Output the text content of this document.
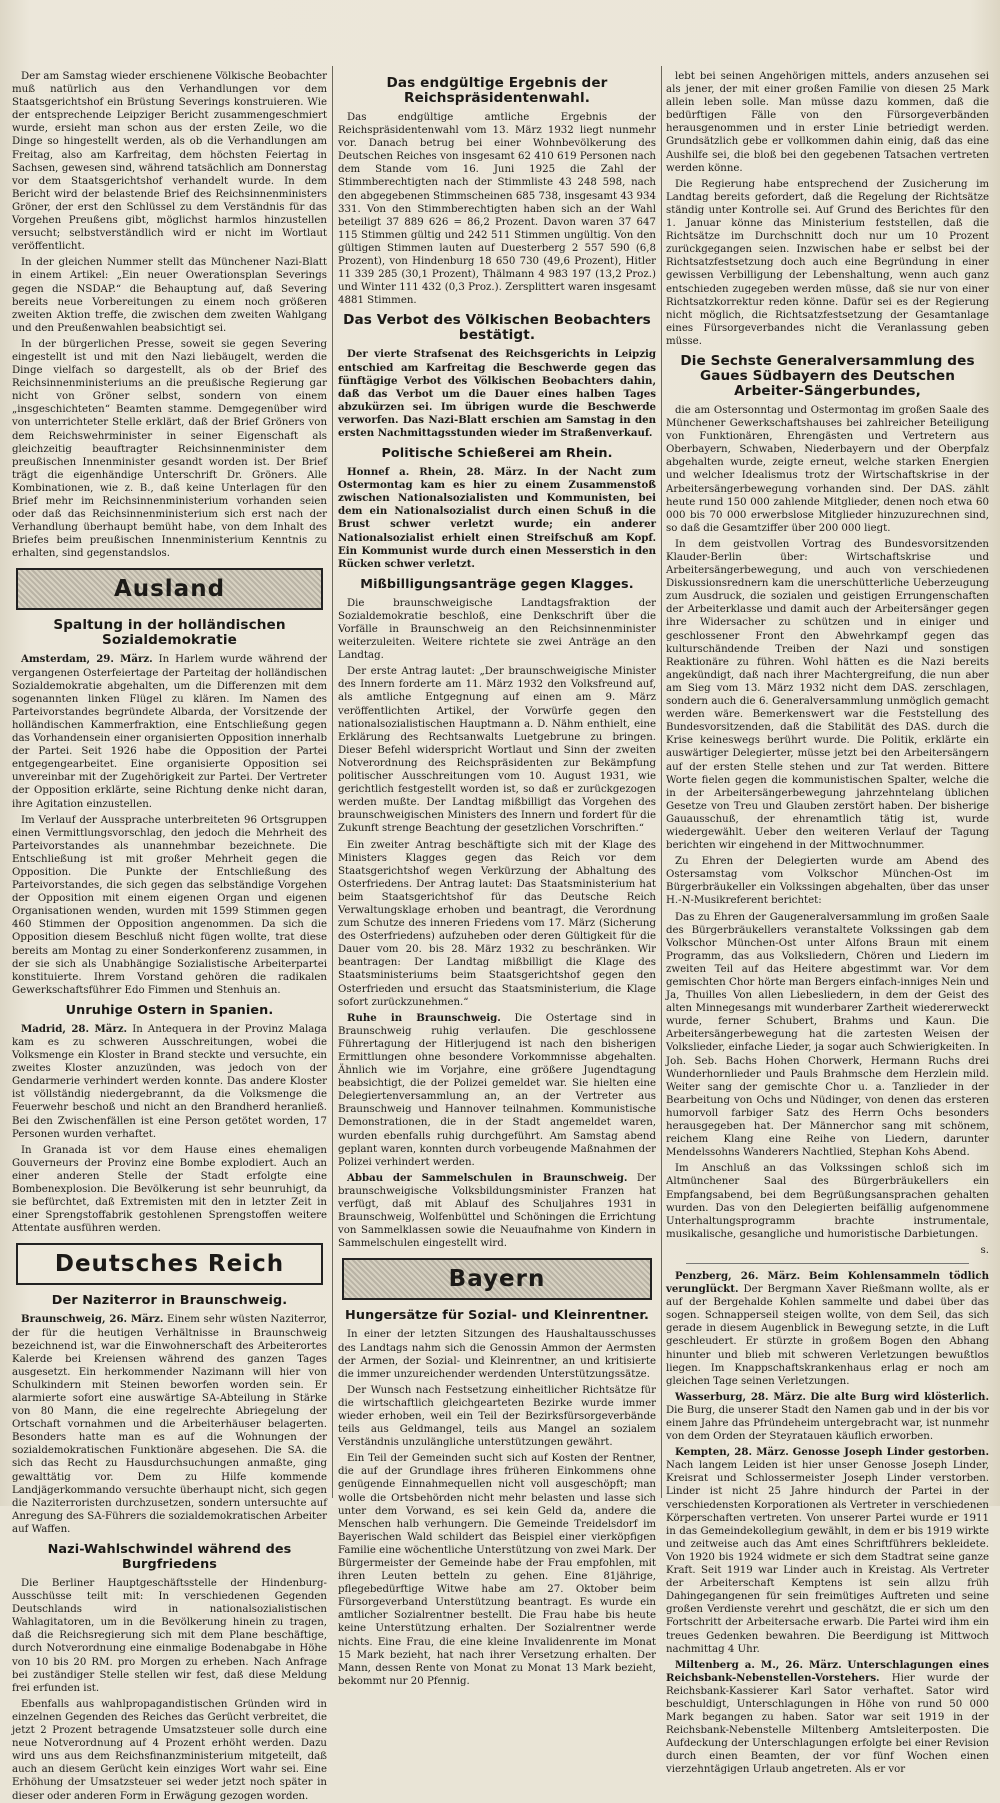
Der am Samstag wieder erschienene Völkische Beobachter muß natürlich aus den Verhandlungen vor dem Staatsgerichtshof ein Brüstung Severings konstruieren. Wie der entsprechende Leipziger Bericht zusammengeschmiert wurde, ersieht man schon aus der ersten Zeile, wo die Dinge so hingestellt werden, als ob die Verhandlungen am Freitag, also am Karfreitag, dem höchsten Feiertag in Sachsen, gewesen sind, während tatsächlich am Donnerstag vor dem Staatsgerichtshof verhandelt wurde. In dem Bericht wird der belastende Brief des Reichsinnenministers Gröner, der erst den Schlüssel zu dem Verständnis für das Vorgehen Preußens gibt, möglichst harmlos hinzustellen versucht; selbstverständlich wird er nicht im Wortlaut veröffentlicht.

In der gleichen Nummer stellt das Münchener Nazi-Blatt in einem Artikel: „Ein neuer Owerationsplan Severings gegen die NSDAP.“ die Behauptung auf, daß Severing bereits neue Vorbereitungen zu einem noch größeren zweiten Aktion treffe, die zwischen dem zweiten Wahlgang und den Preußenwahlen beabsichtigt sei.

In der bürgerlichen Presse, soweit sie gegen Severing eingestellt ist und mit den Nazi liebäugelt, werden die Dinge vielfach so dargestellt, als ob der Brief des Reichsinnenministeriums an die preußische Regierung gar nicht von Gröner selbst, sondern von einem „insgeschichteten“ Beamten stamme. Demgegenüber wird von unterrichteter Stelle erklärt, daß der Brief Gröners von dem Reichswehrminister in seiner Eigenschaft als gleichzeitig beauftragter Reichsinnenminister dem preußischen Innenminister gesandt worden ist. Der Brief trägt die eigenhändige Unterschrift Dr. Gröners. Alle Kombinationen, wie z. B., daß keine Unterlagen für den Brief mehr im Reichsinnenministerium vorhanden seien oder daß das Reichsinnenministerium sich erst nach der Verhandlung überhaupt bemüht habe, von dem Inhalt des Briefes beim preußischen Innenministerium Kenntnis zu erhalten, sind gegenstandslos.

Ausland
Spaltung in der holländischen Sozialdemokratie

Amsterdam, 29. März. In Harlem wurde während der vergangenen Osterfeiertage der Parteitag der holländischen Sozialdemokratie abgehalten, um die Differenzen mit dem sogenannten linken Flügel zu klären. Im Namen des Parteivorstandes begründete Albarda, der Vorsitzende der holländischen Kammerfraktion, eine Entschließung gegen das Vorhandensein einer organisierten Opposition innerhalb der Partei. Seit 1926 habe die Opposition der Partei entgegengearbeitet. Eine organisierte Opposition sei unvereinbar mit der Zugehörigkeit zur Partei. Der Vertreter der Opposition erklärte, seine Richtung denke nicht daran, ihre Agitation einzustellen.

Im Verlauf der Aussprache unterbreiteten 96 Ortsgruppen einen Vermittlungsvorschlag, den jedoch die Mehrheit des Parteivorstandes als unannehmbar bezeichnete. Die Entschließung ist mit großer Mehrheit gegen die Opposition. Die Punkte der Entschließung des Parteivorstandes, die sich gegen das selbständige Vorgehen der Opposition mit einem eigenen Organ und eigenen Organisationen wenden, wurden mit 1599 Stimmen gegen 460 Stimmen der Opposition angenommen. Da sich die Opposition diesem Beschluß nicht fügen wollte, trat diese bereits am Montag zu einer Sonderkonferenz zusammen, in der sie sich als Unabhängige Sozialistische Arbeiterpartei konstituierte. Ihrem Vorstand gehören die radikalen Gewerkschaftsführer Edo Fimmen und Stenhuis an.

Unruhige Ostern in Spanien.

Madrid, 28. März. In Antequera in der Provinz Malaga kam es zu schweren Ausschreitungen, wobei die Volksmenge ein Kloster in Brand steckte und versuchte, ein zweites Kloster anzuzünden, was jedoch von der Gendarmerie verhindert werden konnte. Das andere Kloster ist völlständig niedergebrannt, da die Volksmenge die Feuerwehr beschoß und nicht an den Brandherd heranließ. Bei den Zwischenfällen ist eine Person getötet worden, 17 Personen wurden verhaftet.

In Granada ist vor dem Hause eines ehemaligen Gouverneurs der Provinz eine Bombe explodiert. Auch an einer anderen Stelle der Stadt erfolgte eine Bombenexplosion. Die Bevölkerung ist sehr beunruhigt, da sie befürchtet, daß Extremisten mit den in letzter Zeit in einer Sprengstoffabrik gestohlenen Sprengstoffen weitere Attentate ausführen werden.

Deutsches Reich
Der Naziterror in Braunschweig.

Braunschweig, 26. März. Einem sehr wüsten Naziterror, der für die heutigen Verhältnisse in Braunschweig bezeichnend ist, war die Einwohnerschaft des Arbeiterortes Kalerde bei Kreiensen während des ganzen Tages ausgesetzt. Ein herkommender Nazimann will hier von Schulkindern mit Steinen beworfen worden sein. Er alarmierte sofort eine auswärtige SA-Abteilung in Stärke von 80 Mann, die eine regelrechte Abriegelung der Ortschaft vornahmen und die Arbeiterhäuser belagerten. Besonders hatte man es auf die Wohnungen der sozialdemokratischen Funktionäre abgesehen. Die SA. die sich das Recht zu Hausdurchsuchungen anmaßte, ging gewalttätig vor. Dem zu Hilfe kommende Landjägerkommando versuchte überhaupt nicht, sich gegen die Naziterroristen durchzusetzen, sondern untersuchte auf Anregung des SA-Führers die sozialdemokratischen Arbeiter auf Waffen.

Nazi-Wahlschwindel während des Burgfriedens

Die Berliner Hauptgeschäftsstelle der Hindenburg-Ausschüsse teilt mit: In verschiedenen Gegenden Deutschlands wird in nationalsozialistischen Wahlagitatoren, um in die Bevölkerung hinein zu tragen, daß die Reichsregierung sich mit dem Plane beschäftige, durch Notverordnung eine einmalige Bodenabgabe in Höhe von 10 bis 20 RM. pro Morgen zu erheben. Nach Anfrage bei zuständiger Stelle stellen wir fest, daß diese Meldung frei erfunden ist.

Ebenfalls aus wahlpropagandistischen Gründen wird in einzelnen Gegenden des Reiches das Gerücht verbreitet, die jetzt 2 Prozent betragende Umsatzsteuer solle durch eine neue Notverordnung auf 4 Prozent erhöht werden. Dazu wird uns aus dem Reichsfinanzministerium mitgeteilt, daß auch an diesem Gerücht kein einziges Wort wahr sei. Eine Erhöhung der Umsatzsteuer sei weder jetzt noch später in dieser oder anderen Form in Erwägung gezogen worden.

Das endgültige Ergebnis der Reichspräsidentenwahl.

Das endgültige amtliche Ergebnis der Reichspräsidentenwahl vom 13. März 1932 liegt nunmehr vor. Danach betrug bei einer Wohnbevölkerung des Deutschen Reiches von insgesamt 62 410 619 Personen nach dem Stande vom 16. Juni 1925 die Zahl der Stimmberechtigten nach der Stimmliste 43 248 598, nach den abgegebenen Stimmscheinen 685 738, insgesamt 43 934 331. Von den Stimmberechtigten haben sich an der Wahl beteiligt 37 889 626 = 86,2 Prozent. Davon waren 37 647 115 Stimmen gültig und 242 511 Stimmen ungültig. Von den gültigen Stimmen lauten auf Duesterberg 2 557 590 (6,8 Prozent), von Hindenburg 18 650 730 (49,6 Prozent), Hitler 11 339 285 (30,1 Prozent), Thälmann 4 983 197 (13,2 Proz.) und Winter 111 432 (0,3 Proz.). Zersplittert waren insgesamt 4881 Stimmen.

Das Verbot des Völkischen Beobachters bestätigt.

Der vierte Strafsenat des Reichsgerichts in Leipzig entschied am Karfreitag die Beschwerde gegen das fünftägige Verbot des Völkischen Beobachters dahin, daß das Verbot um die Dauer eines halben Tages abzukürzen sei. Im übrigen wurde die Beschwerde verworfen. Das Nazi-Blatt erschien am Samstag in den ersten Nachmittagsstunden wieder im Straßenverkauf.

Politische Schießerei am Rhein.

Honnef a. Rhein, 28. März. In der Nacht zum Ostermontag kam es hier zu einem Zusammenstoß zwischen Nationalsozialisten und Kommunisten, bei dem ein Nationalsozialist durch einen Schuß in die Brust schwer verletzt wurde; ein anderer Nationalsozialist erhielt einen Streifschuß am Kopf. Ein Kommunist wurde durch einen Messerstich in den Rücken schwer verletzt.

Mißbilligungsanträge gegen Klagges.

Die braunschweigische Landtagsfraktion der Sozialdemokratie beschloß, eine Denkschrift über die Vorfälle in Braunschweig an den Reichsinnenminister weiterzuleiten. Weitere richtete sie zwei Anträge an den Landtag.

Der erste Antrag lautet: „Der braunschweigische Minister des Innern forderte am 11. März 1932 den Volksfreund auf, als amtliche Entgegnung auf einen am 9. März veröffentlichten Artikel, der Vorwürfe gegen den nationalsozialistischen Hauptmann a. D. Nähm enthielt, eine Erklärung des Rechtsanwalts Luetgebrune zu bringen. Dieser Befehl widerspricht Wortlaut und Sinn der zweiten Notverordnung des Reichspräsidenten zur Bekämpfung politischer Ausschreitungen vom 10. August 1931, wie gerichtlich festgestellt worden ist, so daß er zurückgezogen werden mußte. Der Landtag mißbilligt das Vorgehen des braunschweigischen Ministers des Innern und fordert für die Zukunft strenge Beachtung der gesetzlichen Vorschriften.“

Ein zweiter Antrag beschäftigte sich mit der Klage des Ministers Klagges gegen das Reich vor dem Staatsgerichtshof wegen Verkürzung der Abhaltung des Osterfriedens. Der Antrag lautet: Das Staatsministerium hat beim Staatsgerichtshof für das Deutsche Reich Verwaltungsklage erhoben und beantragt, die Verordnung zum Schutze des inneren Friedens vom 17. März (Sicherung des Osterfriedens) aufzuheben oder deren Gültigkeit für die Dauer vom 20. bis 28. März 1932 zu beschränken. Wir beantragen: Der Landtag mißbilligt die Klage des Staatsministeriums beim Staatsgerichtshof gegen den Osterfrieden und ersucht das Staatsministerium, die Klage sofort zurückzunehmen.“

Ruhe in Braunschweig. Die Ostertage sind in Braunschweig ruhig verlaufen. Die geschlossene Führertagung der Hitlerjugend ist nach den bisherigen Ermittlungen ohne besondere Vorkommnisse abgehalten. Ähnlich wie im Vorjahre, eine größere Jugendtagung beabsichtigt, die der Polizei gemeldet war. Sie hielten eine Delegiertenversammlung an, an der Vertreter aus Braunschweig und Hannover teilnahmen. Kommunistische Demonstrationen, die in der Stadt angemeldet waren, wurden ebenfalls ruhig durchgeführt. Am Samstag abend geplant waren, konnten durch vorbeugende Maßnahmen der Polizei verhindert werden.

Abbau der Sammelschulen in Braunschweig. Der braunschweigische Volksbildungsminister Franzen hat verfügt, daß mit Ablauf des Schuljahres 1931 in Braunschweig, Wolfenbüttel und Schöningen die Errichtung von Sammelklassen sowie die Neuaufnahme von Kindern in Sammelschulen eingestellt wird.

Bayern
Hungersätze für Sozial- und Kleinrentner.

In einer der letzten Sitzungen des Haushaltausschusses des Landtags nahm sich die Genossin Ammon der Aermsten der Armen, der Sozial- und Kleinrentner, an und kritisierte die immer unzureichender werdenden Unterstützungssätze.

Der Wunsch nach Festsetzung einheitlicher Richtsätze für die wirtschaftlich gleichgearteten Bezirke wurde immer wieder erhoben, weil ein Teil der Bezirksfürsorgeverbände teils aus Geldmangel, teils aus Mangel an sozialem Verständnis unzulängliche unterstützungen gewährt.

Ein Teil der Gemeinden sucht sich auf Kosten der Rentner, die auf der Grundlage ihres früheren Einkommens ohne genügende Einnahmequellen nicht voll ausgeschöpft; man wolle die Ortsbehörden nicht mehr belasten und lasse sich unter dem Vorwand, es sei kein Geld da, andere die Menschen halb verhungern. Die Gemeinde Treidelsdorf im Bayerischen Wald schildert das Beispiel einer vierköpfigen Familie eine wöchentliche Unterstützung von zwei Mark. Der Bürgermeister der Gemeinde habe der Frau empfohlen, mit ihren Leuten betteln zu gehen. Eine 81jährige, pflegebedürftige Witwe habe am 27. Oktober beim Fürsorgeverband Unterstützung beantragt. Es wurde ein amtlicher Sozialrentner bestellt. Die Frau habe bis heute keine Unterstützung erhalten. Der Sozialrentner werde nichts. Eine Frau, die eine kleine Invalidenrente im Monat 15 Mark bezieht, hat nach ihrer Versetzung erhalten. Der Mann, dessen Rente von Monat zu Monat 13 Mark bezieht, bekommt nur 20 Pfennig.

lebt bei seinen Angehörigen mittels, anders anzusehen sei als jener, der mit einer großen Familie von diesen 25 Mark allein leben solle. Man müsse dazu kommen, daß die bedürftigen Fälle von den Fürsorgeverbänden herausgenommen und in erster Linie betriedigt werden. Grundsätzlich gebe er vollkommen dahin einig, daß das eine Aushilfe sei, die bloß bei den gegebenen Tatsachen vertreten werden könne.

Die Regierung habe entsprechend der Zusicherung im Landtag bereits gefordert, daß die Regelung der Richtsätze ständig unter Kontrolle sei. Auf Grund des Berichtes für den 1. Januar könne das Ministerium feststellen, daß die Richtsätze im Durchschnitt doch nur um 10 Prozent zurückgegangen seien. Inzwischen habe er selbst bei der Richtsatzfestsetzung doch auch eine Begründung in einer gewissen Verbilligung der Lebenshaltung, wenn auch ganz entschieden zugegeben werden müsse, daß sie nur von einer Richtsatzkorrektur reden könne. Dafür sei es der Regierung nicht möglich, die Richtsatzfestsetzung der Gesamtanlage eines Fürsorgeverbandes nicht die Veranlassung geben müsse.

Die Sechste Generalversammlung des Gaues Südbayern des Deutschen Arbeiter-Sängerbundes,

die am Ostersonntag und Ostermontag im großen Saale des Münchener Gewerkschaftshauses bei zahlreicher Beteiligung von Funktionären, Ehrengästen und Vertretern aus Oberbayern, Schwaben, Niederbayern und der Oberpfalz abgehalten wurde, zeigte erneut, welche starken Energien und welcher Idealismus trotz der Wirtschaftskrise in der Arbeitersängerbewegung vorhanden sind. Der DAS. zählt heute rund 150 000 zahlende Mitglieder, denen noch etwa 60 000 bis 70 000 erwerbslose Mitglieder hinzuzurechnen sind, so daß die Gesamtziffer über 200 000 liegt.

In dem geistvollen Vortrag des Bundesvorsitzenden Klauder-Berlin über: Wirtschaftskrise und Arbeitersängerbewegung, und auch von verschiedenen Diskussionsrednern kam die unerschütterliche Ueberzeugung zum Ausdruck, die sozialen und geistigen Errungenschaften der Arbeiterklasse und damit auch der Arbeitersänger gegen ihre Widersacher zu schützen und in einiger und geschlossener Front den Abwehrkampf gegen das kulturschändende Treiben der Nazi und sonstigen Reaktionäre zu führen. Wohl hätten es die Nazi bereits angekündigt, daß nach ihrer Machtergreifung, die nun aber am Sieg vom 13. März 1932 nicht dem DAS. zerschlagen, sondern auch die 6. Generalversammlung unmöglich gemacht werden wäre. Bemerkenswert war die Feststellung des Bundesvorsitzenden, daß die Stabilität des DAS. durch die Krise keineswegs berührt wurde. Die Politik, erklärte ein auswärtiger Delegierter, müsse jetzt bei den Arbeitersängern auf der ersten Stelle stehen und zur Tat werden. Bittere Worte fielen gegen die kommunistischen Spalter, welche die in der Arbeitersängerbewegung jahrzehntelang üblichen Gesetze von Treu und Glauben zerstört haben. Der bisherige Gauausschuß, der ehrenamtlich tätig ist, wurde wiedergewählt. Ueber den weiteren Verlauf der Tagung berichten wir eingehend in der Mittwochnummer.

Zu Ehren der Delegierten wurde am Abend des Ostersamstag vom Volkschor München-Ost im Bürgerbräukeller ein Volkssingen abgehalten, über das unser H.-N-Musikreferent berichtet:

Das zu Ehren der Gaugeneralversammlung im großen Saale des Bürgerbräukellers veranstaltete Volkssingen gab dem Volkschor München-Ost unter Alfons Braun mit einem Programm, das aus Volksliedern, Chören und Liedern im zweiten Teil auf das Heitere abgestimmt war. Vor dem gemischten Chor hörte man Bergers einfach-inniges Nein und Ja, Thuilles Von allen Liebesliedern, in dem der Geist des alten Minnegesangs mit wunderbarer Zartheit wiedererweckt wurde, ferner Schubert, Brahms und Kaun. Die Arbeitersängerbewegung hat die zartesten Weisen der Volkslieder, einfache Lieder, ja sogar auch Schwierigkeiten. In Joh. Seb. Bachs Hohen Chorwerk, Hermann Ruchs drei Wunderhornlieder und Pauls Brahmsche dem Herzlein mild. Weiter sang der gemischte Chor u. a. Tanzlieder in der Bearbeitung von Ochs und Nüdinger, von denen das ersteren humorvoll farbiger Satz des Herrn Ochs besonders herausgegeben hat. Der Männerchor sang mit schönem, reichem Klang eine Reihe von Liedern, darunter Mendelssohns Wanderers Nachtlied, Stephan Kohs Abend.

Im Anschluß an das Volkssingen schloß sich im Altmünchener Saal des Bürgerbräukellers ein Empfangsabend, bei dem Begrüßungsansprachen gehalten wurden. Das von den Delegierten beifällig aufgenommene Unterhaltungsprogramm brachte instrumentale, musikalische, gesangliche und humoristische Darbietungen.

s.

Penzberg, 26. März. Beim Kohlensammeln tödlich verunglückt. Der Bergmann Xaver Rießmann wollte, als er auf der Bergehalde Kohlen sammelte und dabei über das sogen. Schnapperseil steigen wollte, von dem Seil, das sich gerade in diesem Augenblick in Bewegung setzte, in die Luft geschleudert. Er stürzte in großem Bogen den Abhang hinunter und blieb mit schweren Verletzungen bewußtlos liegen. Im Knappschaftskrankenhaus erlag er noch am gleichen Tage seinen Verletzungen.

Wasserburg, 28. März. Die alte Burg wird klösterlich. Die Burg, die unserer Stadt den Namen gab und in der bis vor einem Jahre das Pfründeheim untergebracht war, ist nunmehr von dem Orden der Steyratauen käuflich erworben.

Kempten, 28. März. Genosse Joseph Linder gestorben. Nach langem Leiden ist hier unser Genosse Joseph Linder, Kreisrat und Schlossermeister Joseph Linder verstorben. Linder ist nicht 25 Jahre hindurch der Partei in der verschiedensten Korporationen als Vertreter in verschiedenen Körperschaften vertreten. Von unserer Partei wurde er 1911 in das Gemeindekollegium gewählt, in dem er bis 1919 wirkte und zeitweise auch das Amt eines Schriftführers bekleidete. Von 1920 bis 1924 widmete er sich dem Stadtrat seine ganze Kraft. Seit 1919 war Linder auch in Kreistag. Als Vertreter der Arbeiterschaft Kemptens ist sein allzu früh Dahingegangenen für sein freimütiges Auftreten und seine großen Verdienste verehrt und geschätzt, die er sich um den Fortschritt der Arbeitersache erwarb. Die Partei wird ihm ein treues Gedenken bewahren. Die Beerdigung ist Mittwoch nachmittag 4 Uhr.

Miltenberg a. M., 26. März. Unterschlagungen eines Reichsbank-Nebenstellen-Vorstehers. Hier wurde der Reichsbank-Kassierer Karl Sator verhaftet. Sator wird beschuldigt, Unterschlagungen in Höhe von rund 50 000 Mark begangen zu haben. Sator war seit 1919 in der Reichsbank-Nebenstelle Miltenberg Amtsleiterposten. Die Aufdeckung der Unterschlagungen erfolgte bei einer Revision durch einen Beamten, der vor fünf Wochen einen vierzehntägigen Urlaub angetreten. Als er vor
